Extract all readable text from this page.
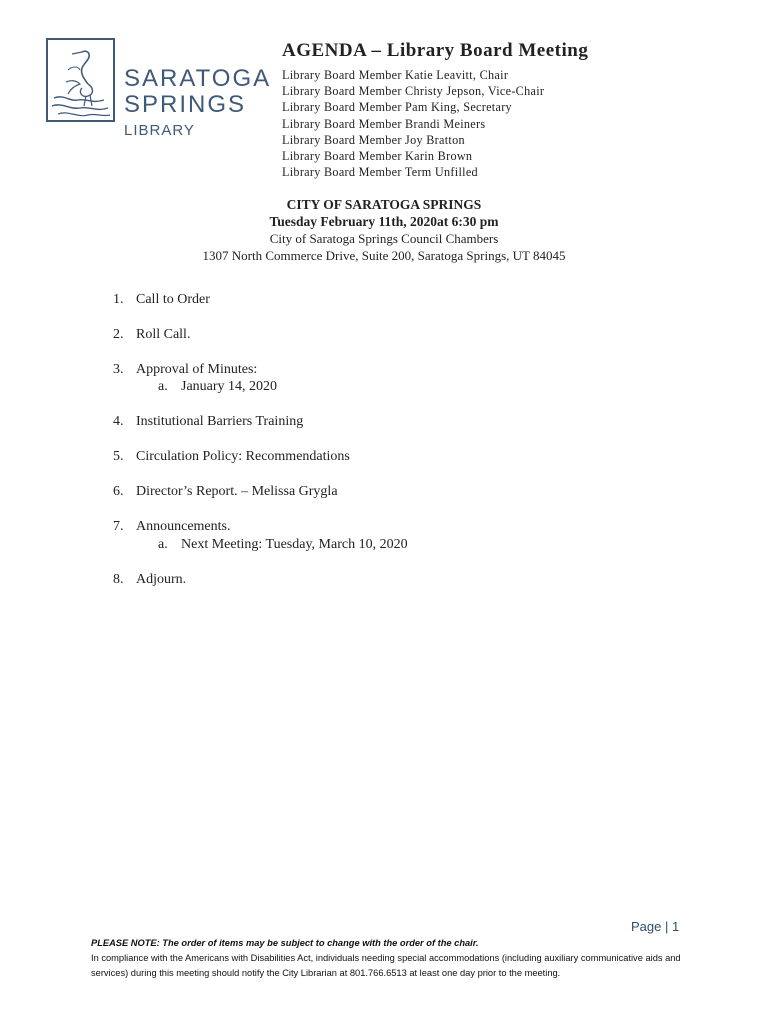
SARATOGA
SPRINGS
LIBRARY
AGENDA – Library Board Meeting
Library Board Member Katie Leavitt, Chair
Library Board Member Christy Jepson, Vice-Chair
Library Board Member Pam King, Secretary
Library Board Member Brandi Meiners
Library Board Member Joy Bratton
Library Board Member Karin Brown
Library Board Member Term Unfilled
CITY OF SARATOGA SPRINGS
Tuesday February 11th, 2020at 6:30 pm
City of Saratoga Springs Council Chambers
1307 North Commerce Drive, Suite 200, Saratoga Springs, UT 84045
1. Call to Order
2. Roll Call.
3. Approval of Minutes:
a. January 14, 2020
4. Institutional Barriers Training
5. Circulation Policy: Recommendations
6. Director’s Report. – Melissa Grygla
7. Announcements.
a. Next Meeting: Tuesday, March 10, 2020
8. Adjourn.
Page | 1
PLEASE NOTE: The order of items may be subject to change with the order of the chair.
In compliance with the Americans with Disabilities Act, individuals needing special accommodations (including auxiliary communicative aids and services) during this meeting should notify the City Librarian at 801.766.6513 at least one day prior to the meeting.
